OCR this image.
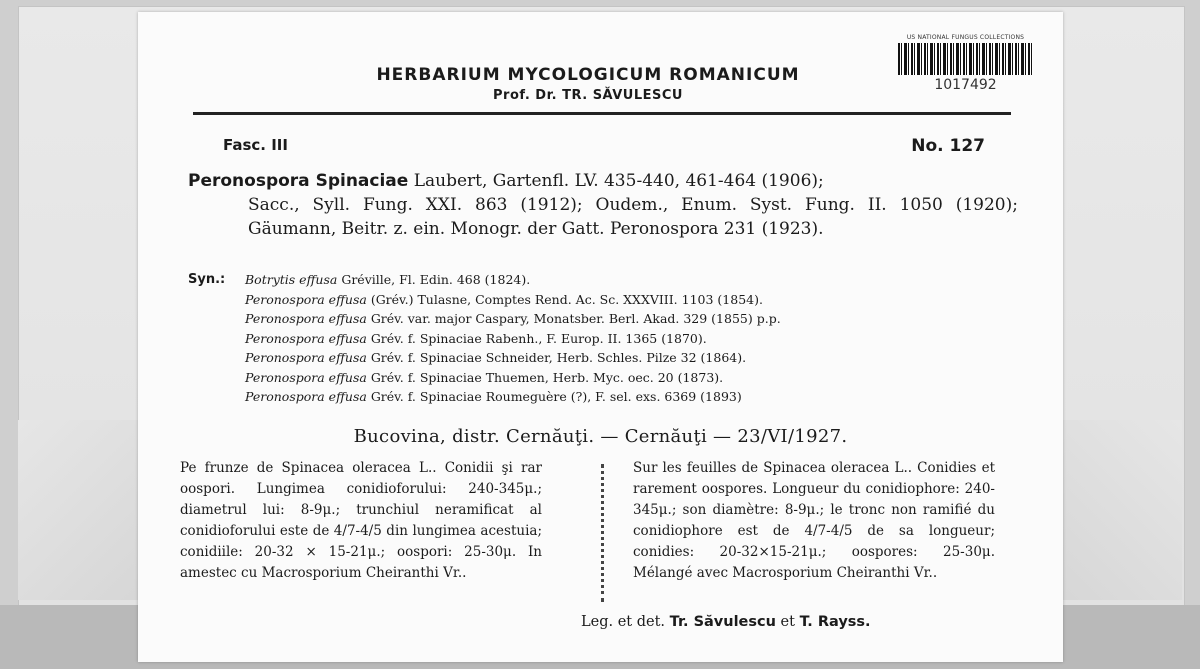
US NATIONAL FUNGUS COLLECTIONS
1017492
HERBARIUM MYCOLOGICUM ROMANICUM
Prof. Dr. TR. SĂVULESCU
Fasc. III	No. 127
Peronospora Spinaciae Laubert, Gartenfl. LV. 435-440, 461-464 (1906);
Sacc., Syll. Fung. XXI. 863 (1912); Oudem., Enum. Syst. Fung. II. 1050 (1920); Gäumann, Beitr. z. ein. Monogr. der Gatt. Peronospora 231 (1923).
Syn.:	Botrytis effusa Gréville, Fl. Edin. 468 (1824).
Peronospora effusa (Grév.) Tulasne, Comptes Rend. Ac. Sc. XXXVIII. 1103 (1854).
Peronospora effusa Grév. var. major Caspary, Monatsber. Berl. Akad. 329 (1855) p.p.
Peronospora effusa Grév. f. Spinaciae Rabenh., F. Europ. II. 1365 (1870).
Peronospora effusa Grév. f. Spinaciae Schneider, Herb. Schles. Pilze 32 (1864).
Peronospora effusa Grév. f. Spinaciae Thuemen, Herb. Myc. oec. 20 (1873).
Peronospora effusa Grév. f. Spinaciae Roumeguère (?), F. sel. exs. 6369 (1893)
Bucovina, distr. Cernăuţi. — Cernăuţi — 23/VI/1927.
Pe frunze de Spinacea oleracea L.. Conidii şi rar oospori. Lungimea conidioforului: 240-345μ.; diametrul lui: 8-9μ.; trunchiul neramificat al conidioforului este de 4/7-4/5 din lungimea acestuia; conidiile: 20-32 × 15-21μ.; oospori: 25-30μ. In amestec cu Macrosporium Cheiranthi Vr..
Sur les feuilles de Spinacea oleracea L.. Conidies et rarement oospores. Longueur du conidiophore: 240-345μ.; son diamètre: 8-9μ.; le tronc non ramifié du conidiophore est de 4/7-4/5 de sa longueur; conidies: 20-32×15-21μ.; oospores: 25-30μ. Mélangé avec Macrosporium Cheiranthi Vr..
Leg. et det. Tr. Săvulescu et T. Rayss.
